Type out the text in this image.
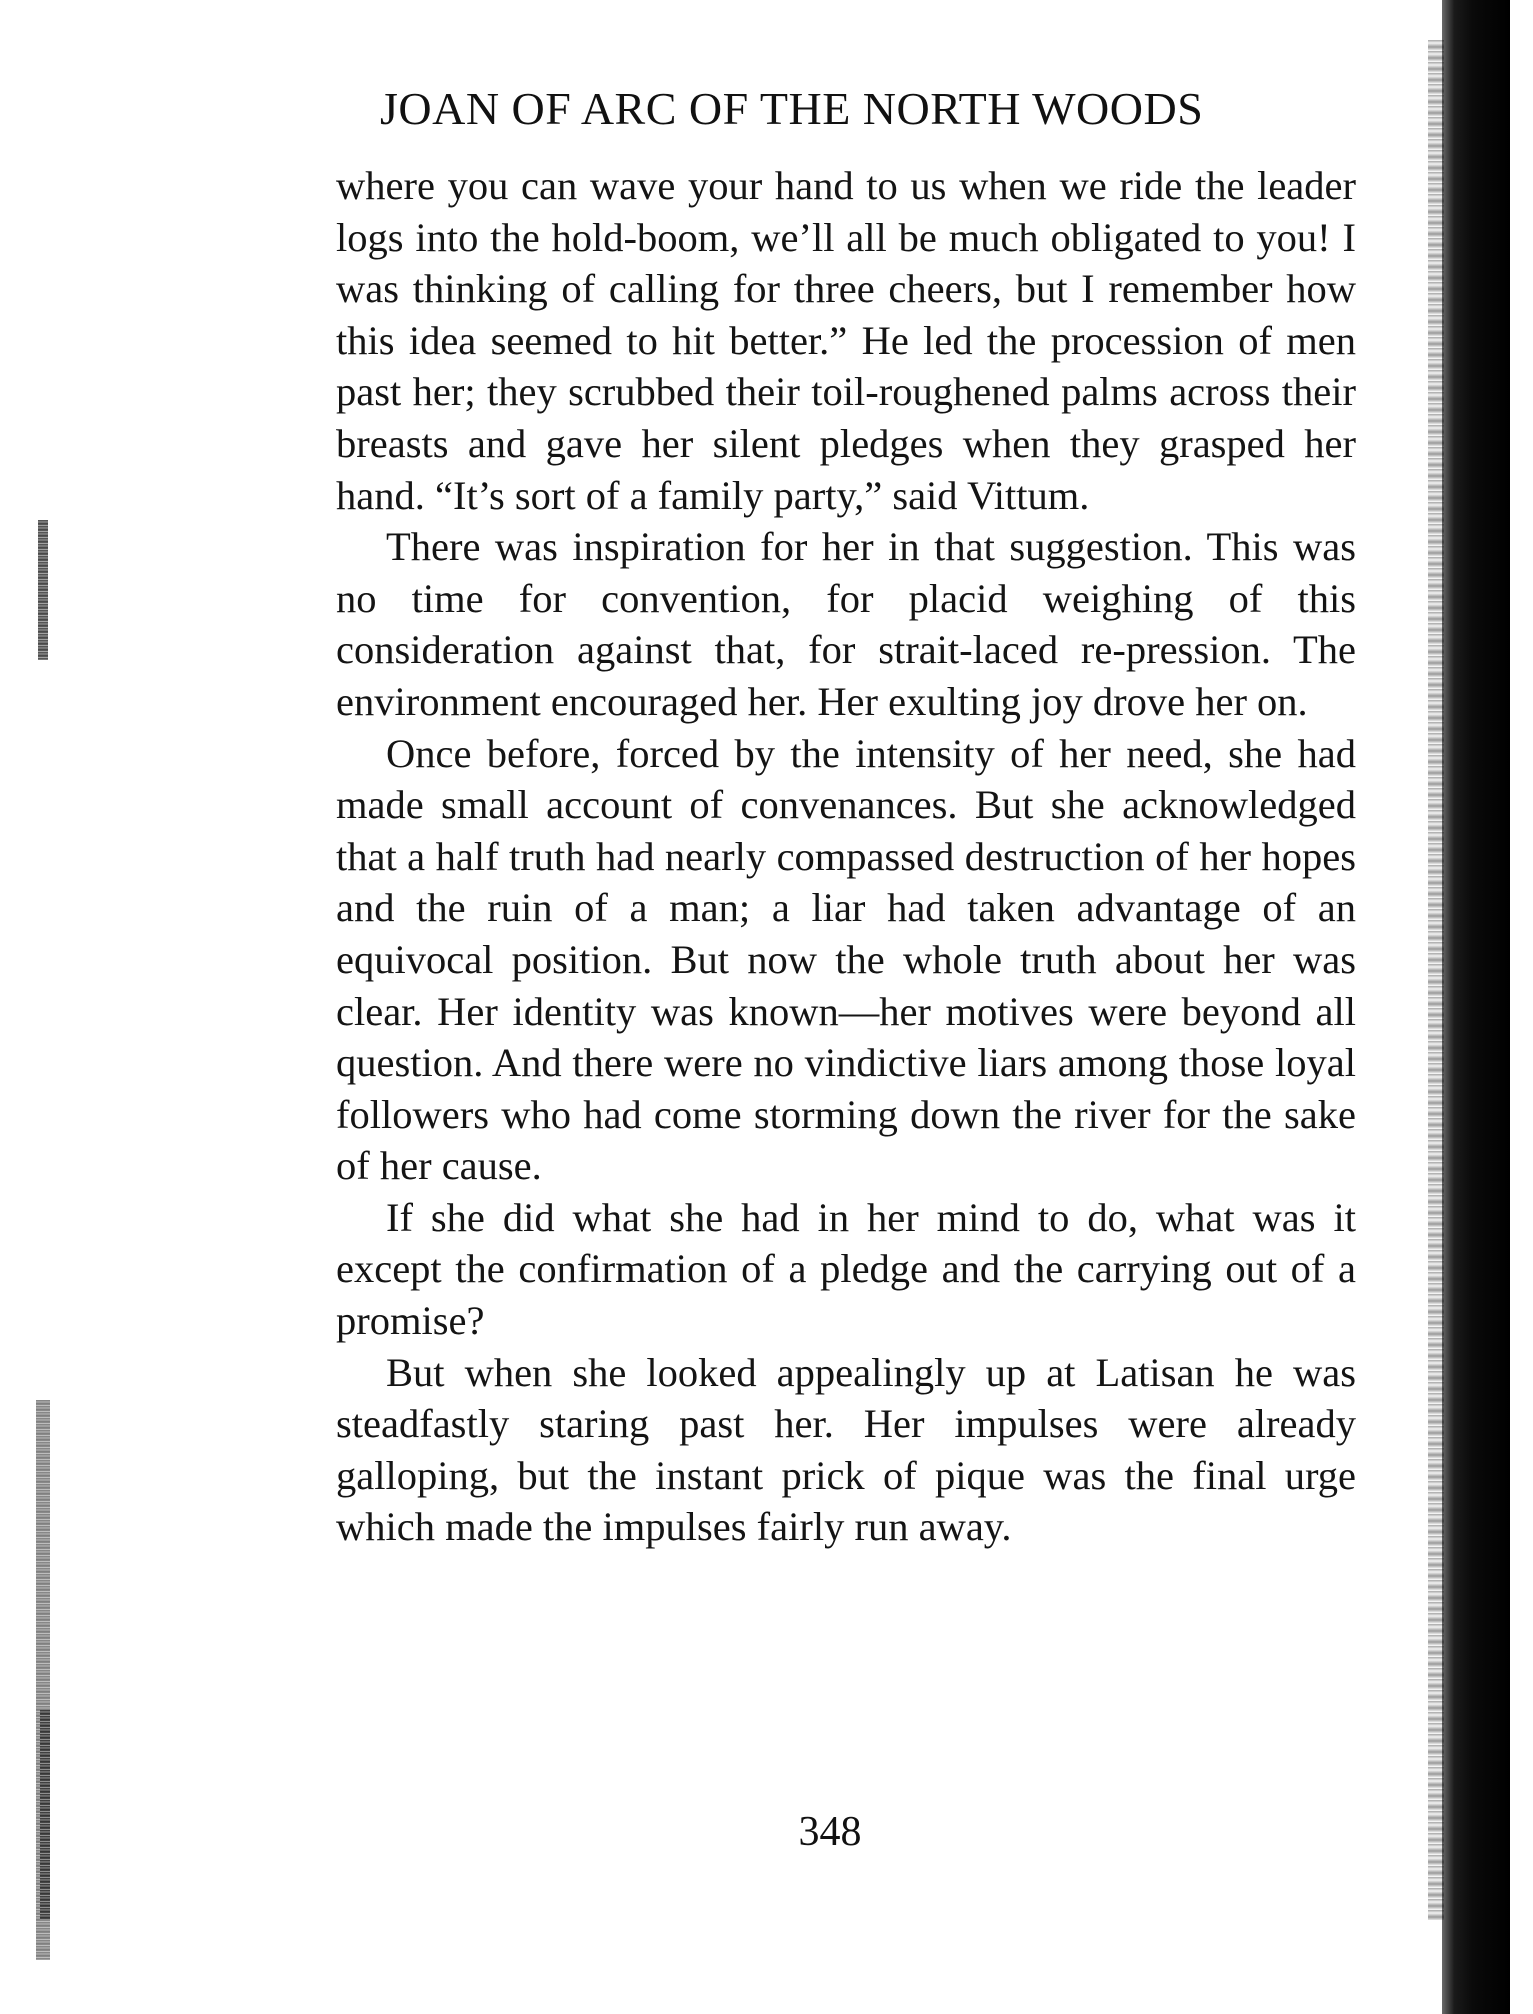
JOAN OF ARC OF THE NORTH WOODS

where you can wave your hand to us when we ride the leader logs into the hold-boom, we’ll all be much obligated to you! I was thinking of calling for three cheers, but I remember how this idea seemed to hit better.” He led the procession of men past her; they scrubbed their toil-roughened palms across their breasts and gave her silent pledges when they grasped her hand. “It’s sort of a family party,” said Vittum.

There was inspiration for her in that suggestion. This was no time for convention, for placid weighing of this consideration against that, for strait-laced re-pression. The environment encouraged her. Her exulting joy drove her on.

Once before, forced by the intensity of her need, she had made small account of convenances. But she acknowledged that a half truth had nearly compassed destruction of her hopes and the ruin of a man; a liar had taken advantage of an equivocal position. But now the whole truth about her was clear. Her identity was known—her motives were beyond all question. And there were no vindictive liars among those loyal followers who had come storming down the river for the sake of her cause.

If she did what she had in her mind to do, what was it except the confirmation of a pledge and the carrying out of a promise?

But when she looked appealingly up at Latisan he was steadfastly staring past her. Her impulses were already galloping, but the instant prick of pique was the final urge which made the impulses fairly run away.

348
